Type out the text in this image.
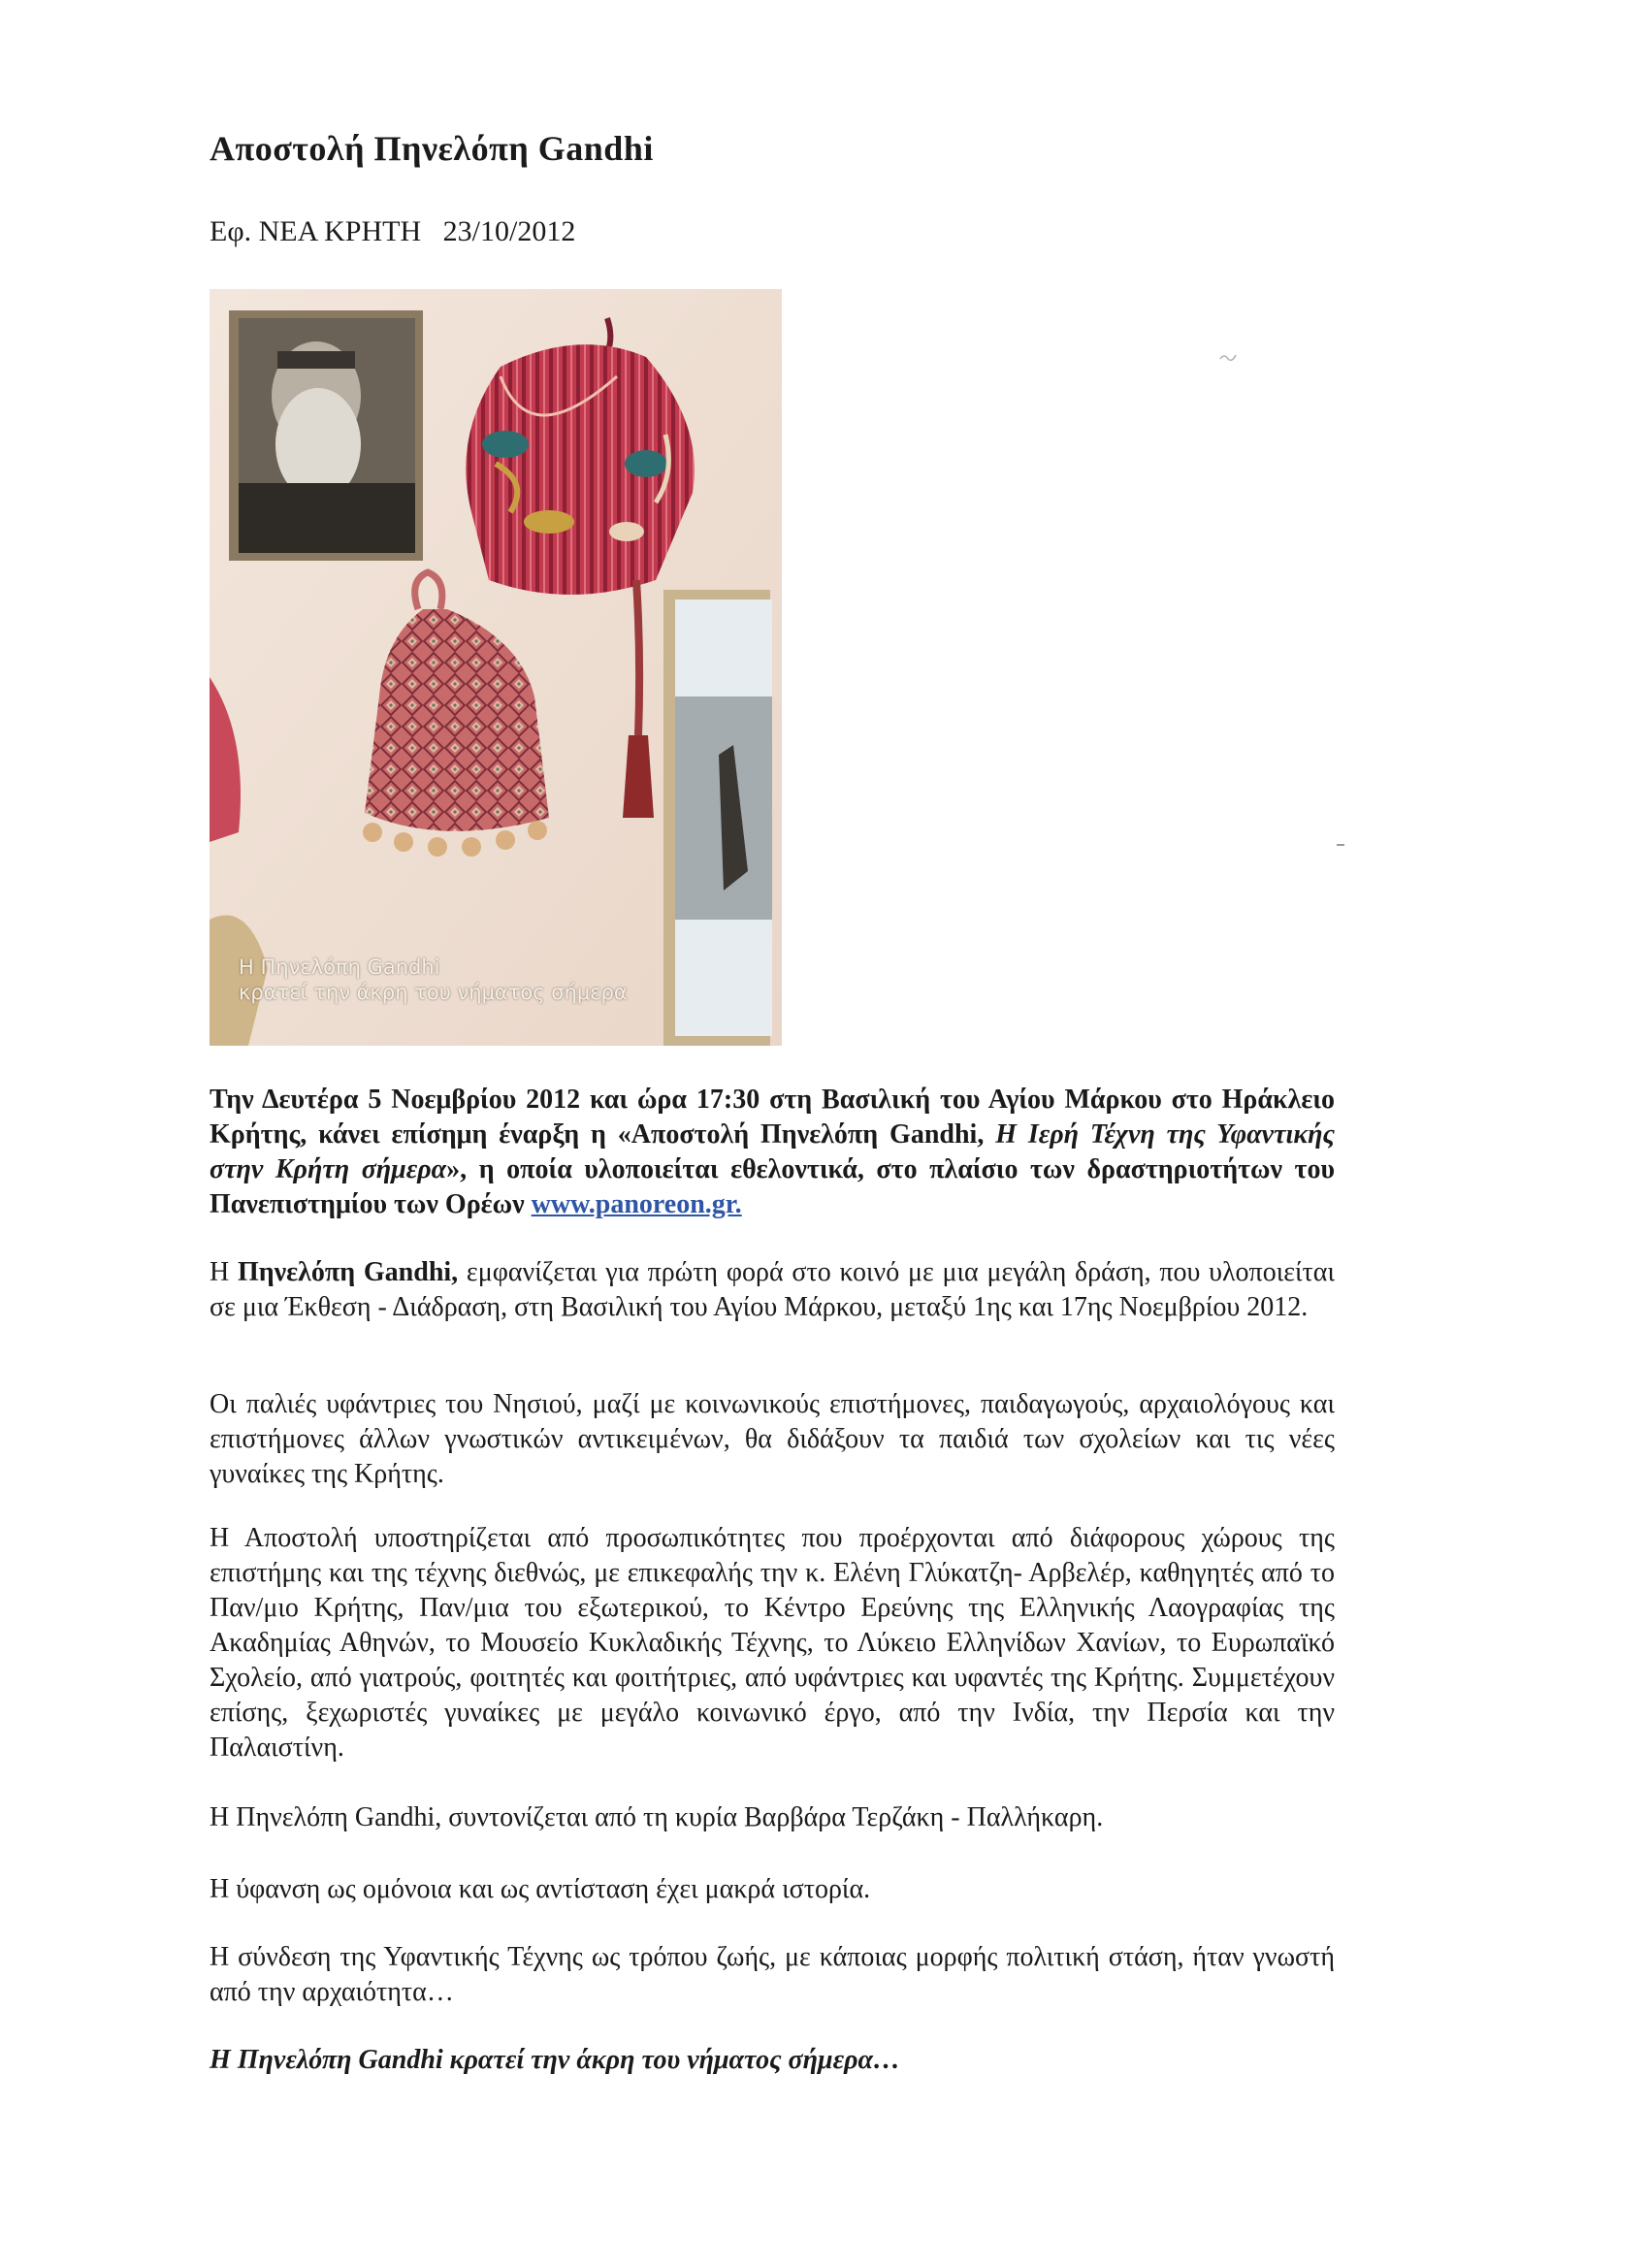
Αποστολή Πηνελόπη Gandhi

Εφ. ΝΕΑ ΚΡΗΤΗ   23/10/2012

Η Πηνελόπη Gandhi
κρατεί την άκρη του νήματος σήμερα

Την Δευτέρα 5 Νοεμβρίου 2012 και ώρα 17:30 στη Βασιλική του Αγίου Μάρκου στο Ηράκλειο Κρήτης, κάνει επίσημη έναρξη η «Αποστολή Πηνελόπη Gandhi, Η Ιερή Τέχνη της Υφαντικής στην Κρήτη σήμερα», η οποία υλοποιείται εθελοντικά, στο πλαίσιο των δραστηριοτήτων του Πανεπιστημίου των Ορέων www.panoreon.gr.

Η Πηνελόπη Gandhi, εμφανίζεται για πρώτη φορά στο κοινό με μια μεγάλη δράση, που υλοποιείται σε μια Έκθεση - Διάδραση, στη Βασιλική του Αγίου Μάρκου, μεταξύ 1ης και 17ης Νοεμβρίου 2012.

Οι παλιές υφάντριες του Νησιού, μαζί με κοινωνικούς επιστήμονες, παιδαγωγούς, αρχαιολόγους και επιστήμονες άλλων γνωστικών αντικειμένων, θα διδάξουν τα παιδιά των σχολείων και τις νέες γυναίκες της Κρήτης.

Η Αποστολή υποστηρίζεται από προσωπικότητες που προέρχονται από διάφορους χώρους της επιστήμης και της τέχνης διεθνώς, με επικεφαλής την κ. Ελένη Γλύκατζη- Αρβελέρ, καθηγητές από το Παν/μιο Κρήτης, Παν/μια του εξωτερικού, το Κέντρο Ερεύνης της Ελληνικής Λαογραφίας της Ακαδημίας Αθηνών, το Μουσείο Κυκλαδικής Τέχνης, το Λύκειο Ελληνίδων Χανίων, το Ευρωπαϊκό Σχολείο, από γιατρούς, φοιτητές και φοιτήτριες, από υφάντριες και υφαντές της Κρήτης. Συμμετέχουν επίσης, ξεχωριστές γυναίκες με μεγάλο κοινωνικό έργο, από την Ινδία, την Περσία και την Παλαιστίνη.

Η Πηνελόπη Gandhi, συντονίζεται από τη κυρία Βαρβάρα Τερζάκη - Παλλήκαρη.

Η ύφανση ως ομόνοια και ως αντίσταση έχει μακρά ιστορία.

Η σύνδεση της Υφαντικής Τέχνης ως τρόπου ζωής, με κάποιας μορφής πολιτική στάση, ήταν γνωστή από την αρχαιότητα…

Η Πηνελόπη Gandhi κρατεί την άκρη του νήματος σήμερα…
